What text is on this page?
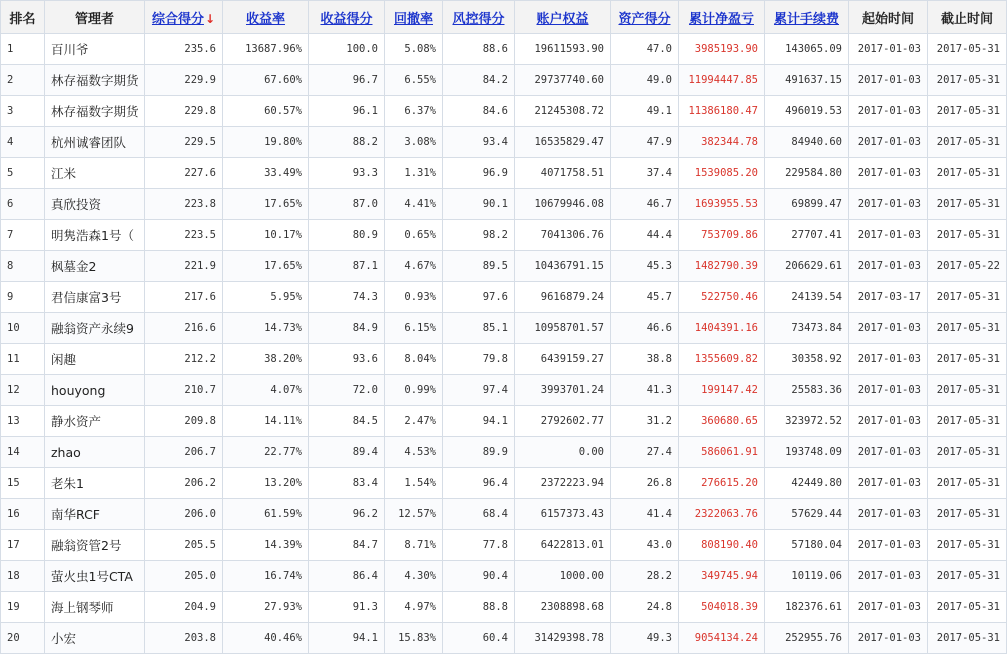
排名	管理者	综合得分↓	收益率	收益得分	回撤率	风控得分	账户权益	资产得分	累计净盈亏	累计手续费	起始时间	截止时间
1	百川爷	235.6	13687.96%	100.0	5.08%	88.6	19611593.90	47.0	3985193.90	143065.09	2017-01-03	2017-05-31
2	林存福数字期货	229.9	67.60%	96.7	6.55%	84.2	29737740.60	49.0	11994447.85	491637.15	2017-01-03	2017-05-31
3	林存福数字期货	229.8	60.57%	96.1	6.37%	84.6	21245308.72	49.1	11386180.47	496019.53	2017-01-03	2017-05-31
4	杭州诚睿团队	229.5	19.80%	88.2	3.08%	93.4	16535829.47	47.9	382344.78	84940.60	2017-01-03	2017-05-31
5	江米	227.6	33.49%	93.3	1.31%	96.9	4071758.51	37.4	1539085.20	229584.80	2017-01-03	2017-05-31
6	真欣投资	223.8	17.65%	87.0	4.41%	90.1	10679946.08	46.7	1693955.53	69899.47	2017-01-03	2017-05-31
7	明隽浩森1号（	223.5	10.17%	80.9	0.65%	98.2	7041306.76	44.4	753709.86	27707.41	2017-01-03	2017-05-31
8	枫墓金2	221.9	17.65%	87.1	4.67%	89.5	10436791.15	45.3	1482790.39	206629.61	2017-01-03	2017-05-22
9	君信康富3号	217.6	5.95%	74.3	0.93%	97.6	9616879.24	45.7	522750.46	24139.54	2017-03-17	2017-05-31
10	融翁资产永续9	216.6	14.73%	84.9	6.15%	85.1	10958701.57	46.6	1404391.16	73473.84	2017-01-03	2017-05-31
11	闲趣	212.2	38.20%	93.6	8.04%	79.8	6439159.27	38.8	1355609.82	30358.92	2017-01-03	2017-05-31
12	houyong	210.7	4.07%	72.0	0.99%	97.4	3993701.24	41.3	199147.42	25583.36	2017-01-03	2017-05-31
13	静水资产	209.8	14.11%	84.5	2.47%	94.1	2792602.77	31.2	360680.65	323972.52	2017-01-03	2017-05-31
14	zhao	206.7	22.77%	89.4	4.53%	89.9	0.00	27.4	586061.91	193748.09	2017-01-03	2017-05-31
15	老朱1	206.2	13.20%	83.4	1.54%	96.4	2372223.94	26.8	276615.20	42449.80	2017-01-03	2017-05-31
16	南华RCF	206.0	61.59%	96.2	12.57%	68.4	6157373.43	41.4	2322063.76	57629.44	2017-01-03	2017-05-31
17	融翁资管2号	205.5	14.39%	84.7	8.71%	77.8	6422813.01	43.0	808190.40	57180.04	2017-01-03	2017-05-31
18	萤火虫1号CTA	205.0	16.74%	86.4	4.30%	90.4	1000.00	28.2	349745.94	10119.06	2017-01-03	2017-05-31
19	海上钢琴师	204.9	27.93%	91.3	4.97%	88.8	2308898.68	24.8	504018.39	182376.61	2017-01-03	2017-05-31
20	小宏	203.8	40.46%	94.1	15.83%	60.4	31429398.78	49.3	9054134.24	252955.76	2017-01-03	2017-05-31
